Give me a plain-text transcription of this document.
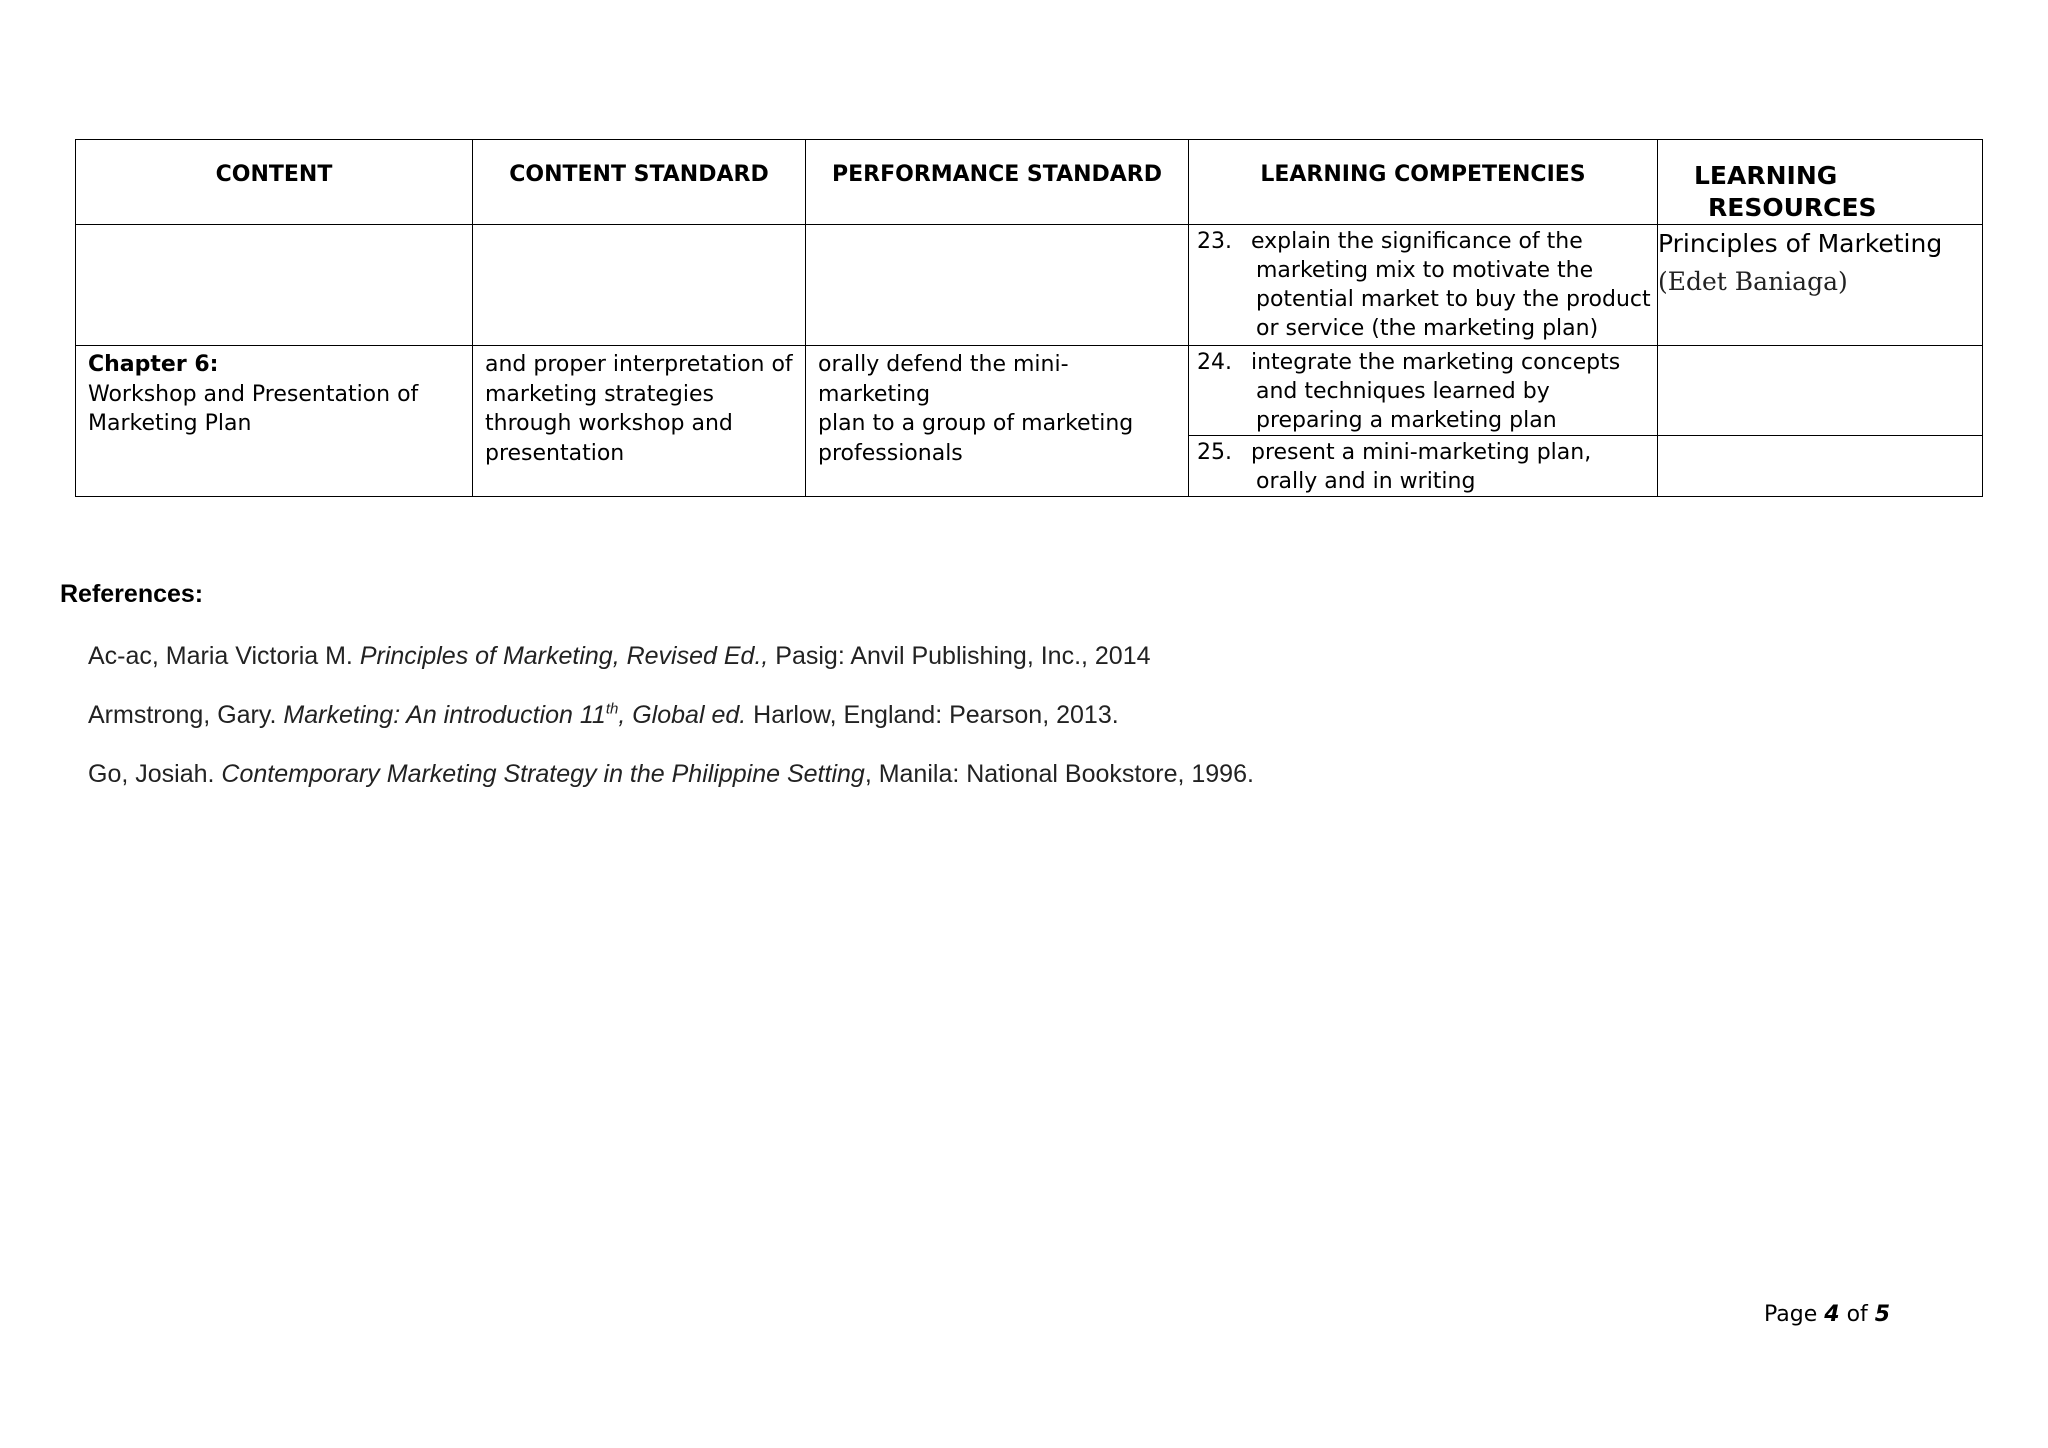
CONTENT	CONTENT STANDARD	PERFORMANCE STANDARD	LEARNING COMPETENCIES	LEARNING
RESOURCES

			23. explain the significance of the
marketing mix to motivate the
potential market to buy the product
or service (the marketing plan)	Principles of Marketing
(Edet Baniaga)

Chapter 6:
Workshop and Presentation of
Marketing Plan	and proper interpretation of
marketing strategies
through workshop and
presentation	orally defend the mini-marketing
plan to a group of marketing
professionals	24. integrate the marketing concepts
and techniques learned by
preparing a marketing plan	

			25. present a mini-marketing plan,
orally and in writing	

References:
Ac-ac, Maria Victoria M. Principles of Marketing, Revised Ed., Pasig: Anvil Publishing, Inc., 2014
Armstrong, Gary. Marketing: An introduction 11th, Global ed. Harlow, England: Pearson, 2013.
Go, Josiah. Contemporary Marketing Strategy in the Philippine Setting, Manila: National Bookstore, 1996.
Page 4 of 5
